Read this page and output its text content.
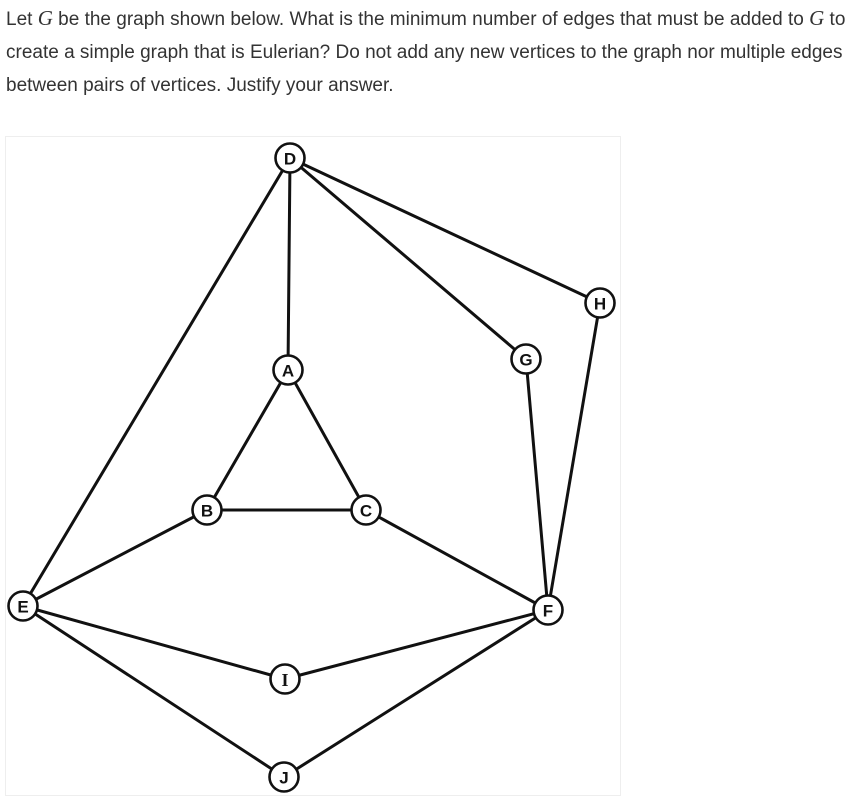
Let G be the graph shown below. What is the minimum number of edges that must be added to G to create a simple graph that is Eulerian? Do not add any new vertices to the graph nor multiple edges between pairs of vertices. Justify your answer.

D
H
G
A
B	C
E	F
I
J
